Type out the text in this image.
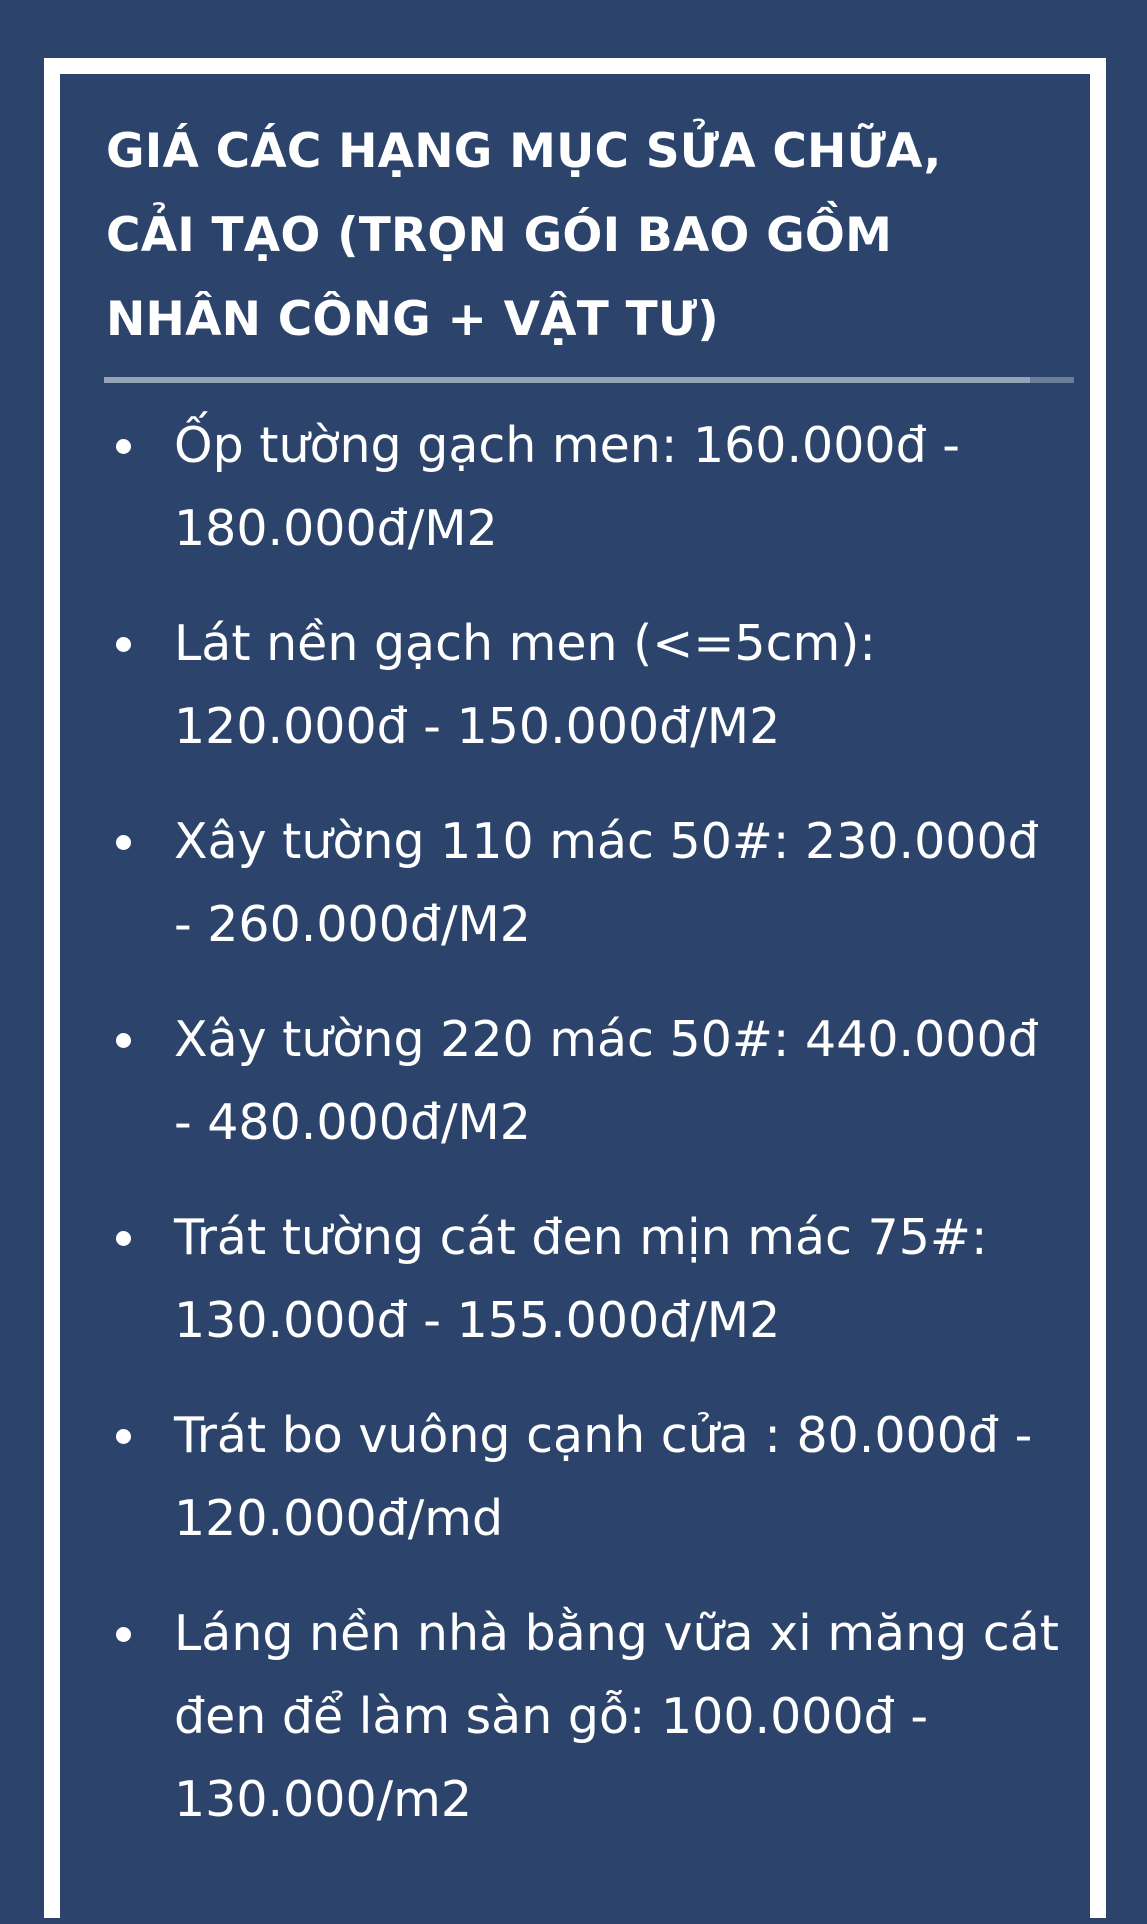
GIÁ CÁC HẠNG MỤC SỬA CHỮA, CẢI TẠO (TRỌN GÓI BAO GỒM NHÂN CÔNG + VẬT TƯ)
Ốp tường gạch men: 160.000đ - 180.000đ/M2
Lát nền gạch men (<=5cm): 120.000đ - 150.000đ/M2
Xây tường 110 mác 50#: 230.000đ - 260.000đ/M2
Xây tường 220 mác 50#: 440.000đ - 480.000đ/M2
Trát tường cát đen mịn mác 75#: 130.000đ - 155.000đ/M2
Trát bo vuông cạnh cửa : 80.000đ - 120.000đ/md
Láng nền nhà bằng vữa xi măng cát đen để làm sàn gỗ: 100.000đ - 130.000/m2
